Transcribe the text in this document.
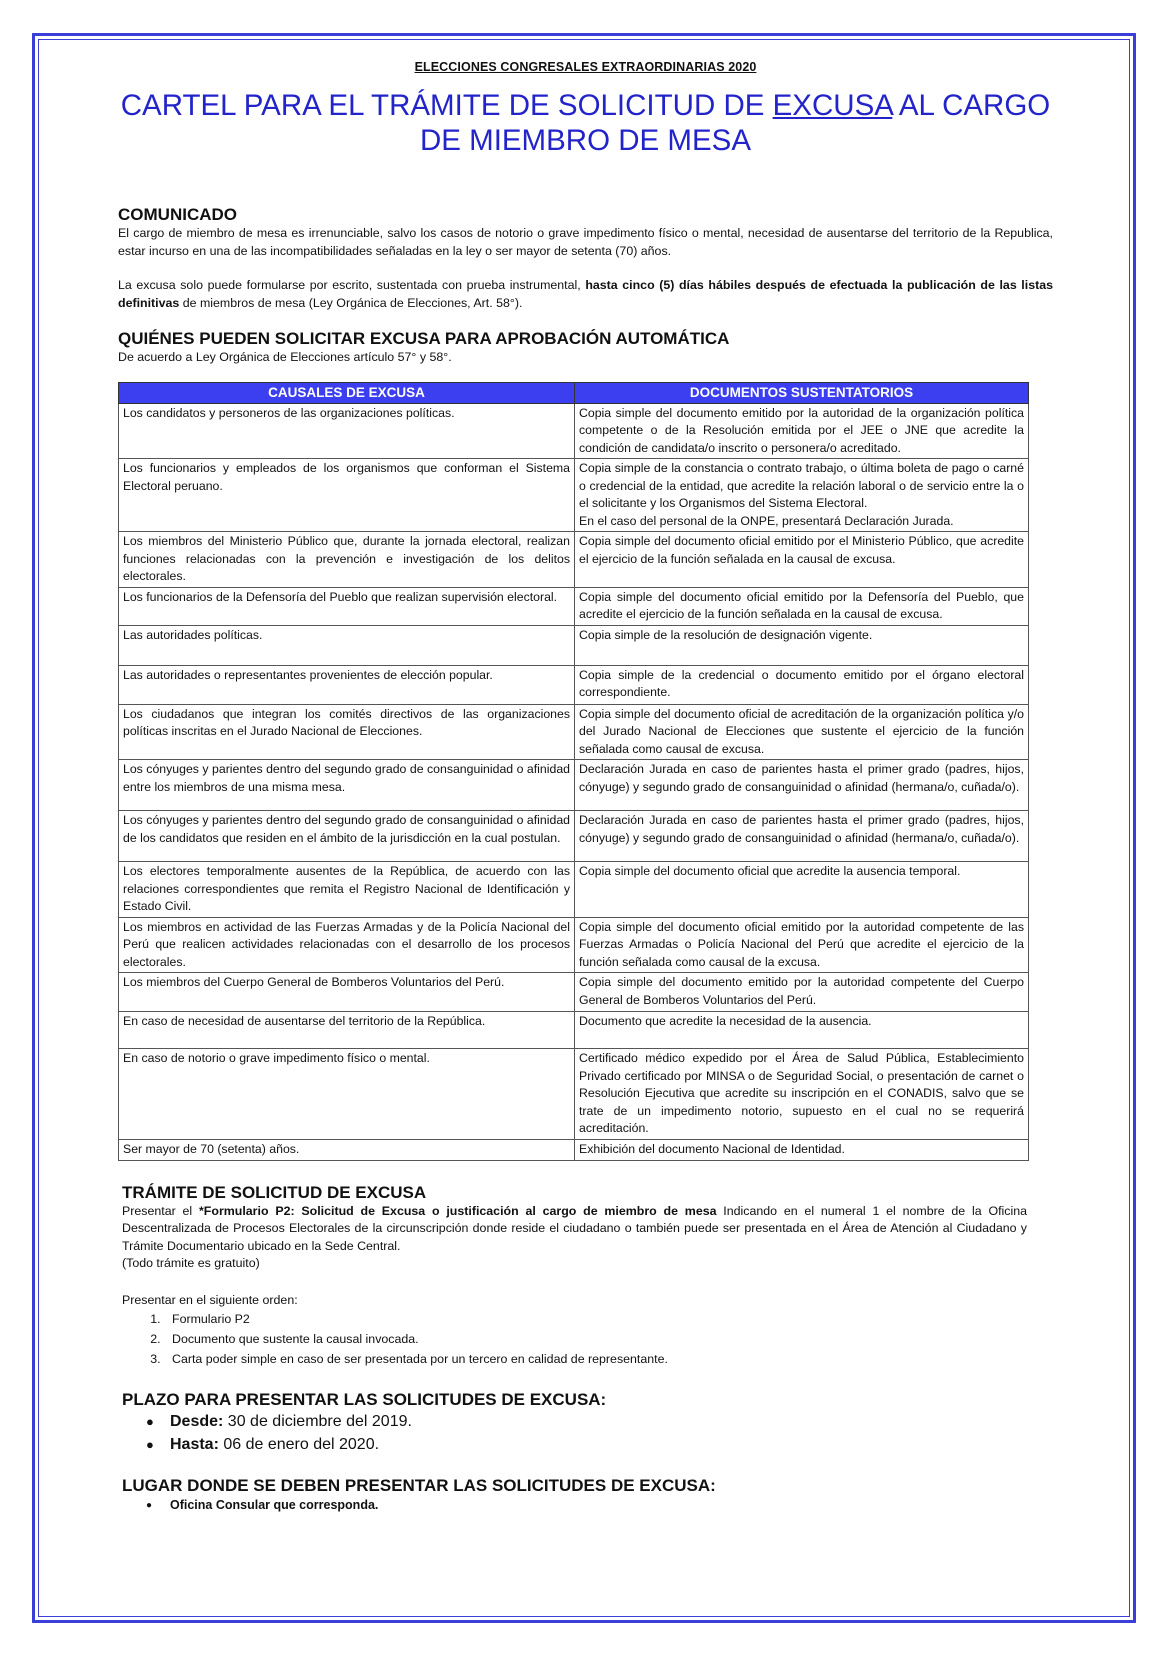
ELECCIONES CONGRESALES EXTRAORDINARIAS 2020
CARTEL PARA EL TRÁMITE DE SOLICITUD DE EXCUSA AL CARGO DE MIEMBRO DE MESA
COMUNICADO

El cargo de miembro de mesa es irrenunciable, salvo los casos de notorio o grave impedimento físico o mental, necesidad de ausentarse del territorio de la Republica, estar incurso en una de las incompatibilidades señaladas en la ley o ser mayor de setenta (70) años.

La excusa solo puede formularse por escrito, sustentada con prueba instrumental, hasta cinco (5) días hábiles después de efectuada la publicación de las listas definitivas de miembros de mesa (Ley Orgánica de Elecciones, Art. 58°).

QUIÉNES PUEDEN SOLICITAR EXCUSA PARA APROBACIÓN AUTOMÁTICA

De acuerdo a Ley Orgánica de Elecciones artículo 57° y 58°.

CAUSALES DE EXCUSA	DOCUMENTOS SUSTENTATORIOS
Los candidatos y personeros de las organizaciones políticas.	Copia simple del documento emitido por la autoridad de la organización política competente o de la Resolución emitida por el JEE o JNE que acredite la condición de candidata/o inscrito o personera/o acreditado.
Los funcionarios y empleados de los organismos que conforman el Sistema Electoral peruano.	Copia simple de la constancia o contrato trabajo, o última boleta de pago o carné o credencial de la entidad, que acredite la relación laboral o de servicio entre la o el solicitante y los Organismos del Sistema Electoral.
En el caso del personal de la ONPE, presentará Declaración Jurada.
Los miembros del Ministerio Público que, durante la jornada electoral, realizan funciones relacionadas con la prevención e investigación de los delitos electorales.	Copia simple del documento oficial emitido por el Ministerio Público, que acredite el ejercicio de la función señalada en la causal de excusa.
Los funcionarios de la Defensoría del Pueblo que realizan supervisión electoral.	Copia simple del documento oficial emitido por la Defensoría del Pueblo, que acredite el ejercicio de la función señalada en la causal de excusa.
Las autoridades políticas.	Copia simple de la resolución de designación vigente.
Las autoridades o representantes provenientes de elección popular.	Copia simple de la credencial o documento emitido por el órgano electoral correspondiente.
Los ciudadanos que integran los comités directivos de las organizaciones políticas inscritas en el Jurado Nacional de Elecciones.	Copia simple del documento oficial de acreditación de la organización política y/o del Jurado Nacional de Elecciones que sustente el ejercicio de la función señalada como causal de excusa.
Los cónyuges y parientes dentro del segundo grado de consanguinidad o afinidad entre los miembros de una misma mesa.	Declaración Jurada en caso de parientes hasta el primer grado (padres, hijos, cónyuge) y segundo grado de consanguinidad o afinidad (hermana/o, cuñada/o).
Los cónyuges y parientes dentro del segundo grado de consanguinidad o afinidad de los candidatos que residen en el ámbito de la jurisdicción en la cual postulan.	Declaración Jurada en caso de parientes hasta el primer grado (padres, hijos, cónyuge) y segundo grado de consanguinidad o afinidad (hermana/o, cuñada/o).
Los electores temporalmente ausentes de la República, de acuerdo con las relaciones correspondientes que remita el Registro Nacional de Identificación y Estado Civil.	Copia simple del documento oficial que acredite la ausencia temporal.
Los miembros en actividad de las Fuerzas Armadas y de la Policía Nacional del Perú que realicen actividades relacionadas con el desarrollo de los procesos electorales.	Copia simple del documento oficial emitido por la autoridad competente de las Fuerzas Armadas o Policía Nacional del Perú que acredite el ejercicio de la función señalada como causal de la excusa.
Los miembros del Cuerpo General de Bomberos Voluntarios del Perú.	Copia simple del documento emitido por la autoridad competente del Cuerpo General de Bomberos Voluntarios del Perú.
En caso de necesidad de ausentarse del territorio de la República.	Documento que acredite la necesidad de la ausencia.
En caso de notorio o grave impedimento físico o mental.	Certificado médico expedido por el Área de Salud Pública, Establecimiento Privado certificado por MINSA o de Seguridad Social, o presentación de carnet o Resolución Ejecutiva que acredite su inscripción en el CONADIS, salvo que se trate de un impedimento notorio, supuesto en el cual no se requerirá acreditación.
Ser mayor de 70 (setenta) años.	Exhibición del documento Nacional de Identidad.
TRÁMITE DE SOLICITUD DE EXCUSA

Presentar el *Formulario P2: Solicitud de Excusa o justificación al cargo de miembro de mesa Indicando en el numeral 1 el nombre de la Oficina Descentralizada de Procesos Electorales de la circunscripción donde reside el ciudadano o también puede ser presentada en el Área de Atención al Ciudadano y Trámite Documentario ubicado en la Sede Central.

(Todo trámite es gratuito)

Presentar en el siguiente orden:

1. Formulario P2
2. Documento que sustente la causal invocada.
3. Carta poder simple en caso de ser presentada por un tercero en calidad de representante.
PLAZO PARA PRESENTAR LAS SOLICITUDES DE EXCUSA:
● Desde: 30 de diciembre del 2019.
● Hasta: 06 de enero del 2020.
LUGAR DONDE SE DEBEN PRESENTAR LAS SOLICITUDES DE EXCUSA:
● Oficina Consular que corresponda.
